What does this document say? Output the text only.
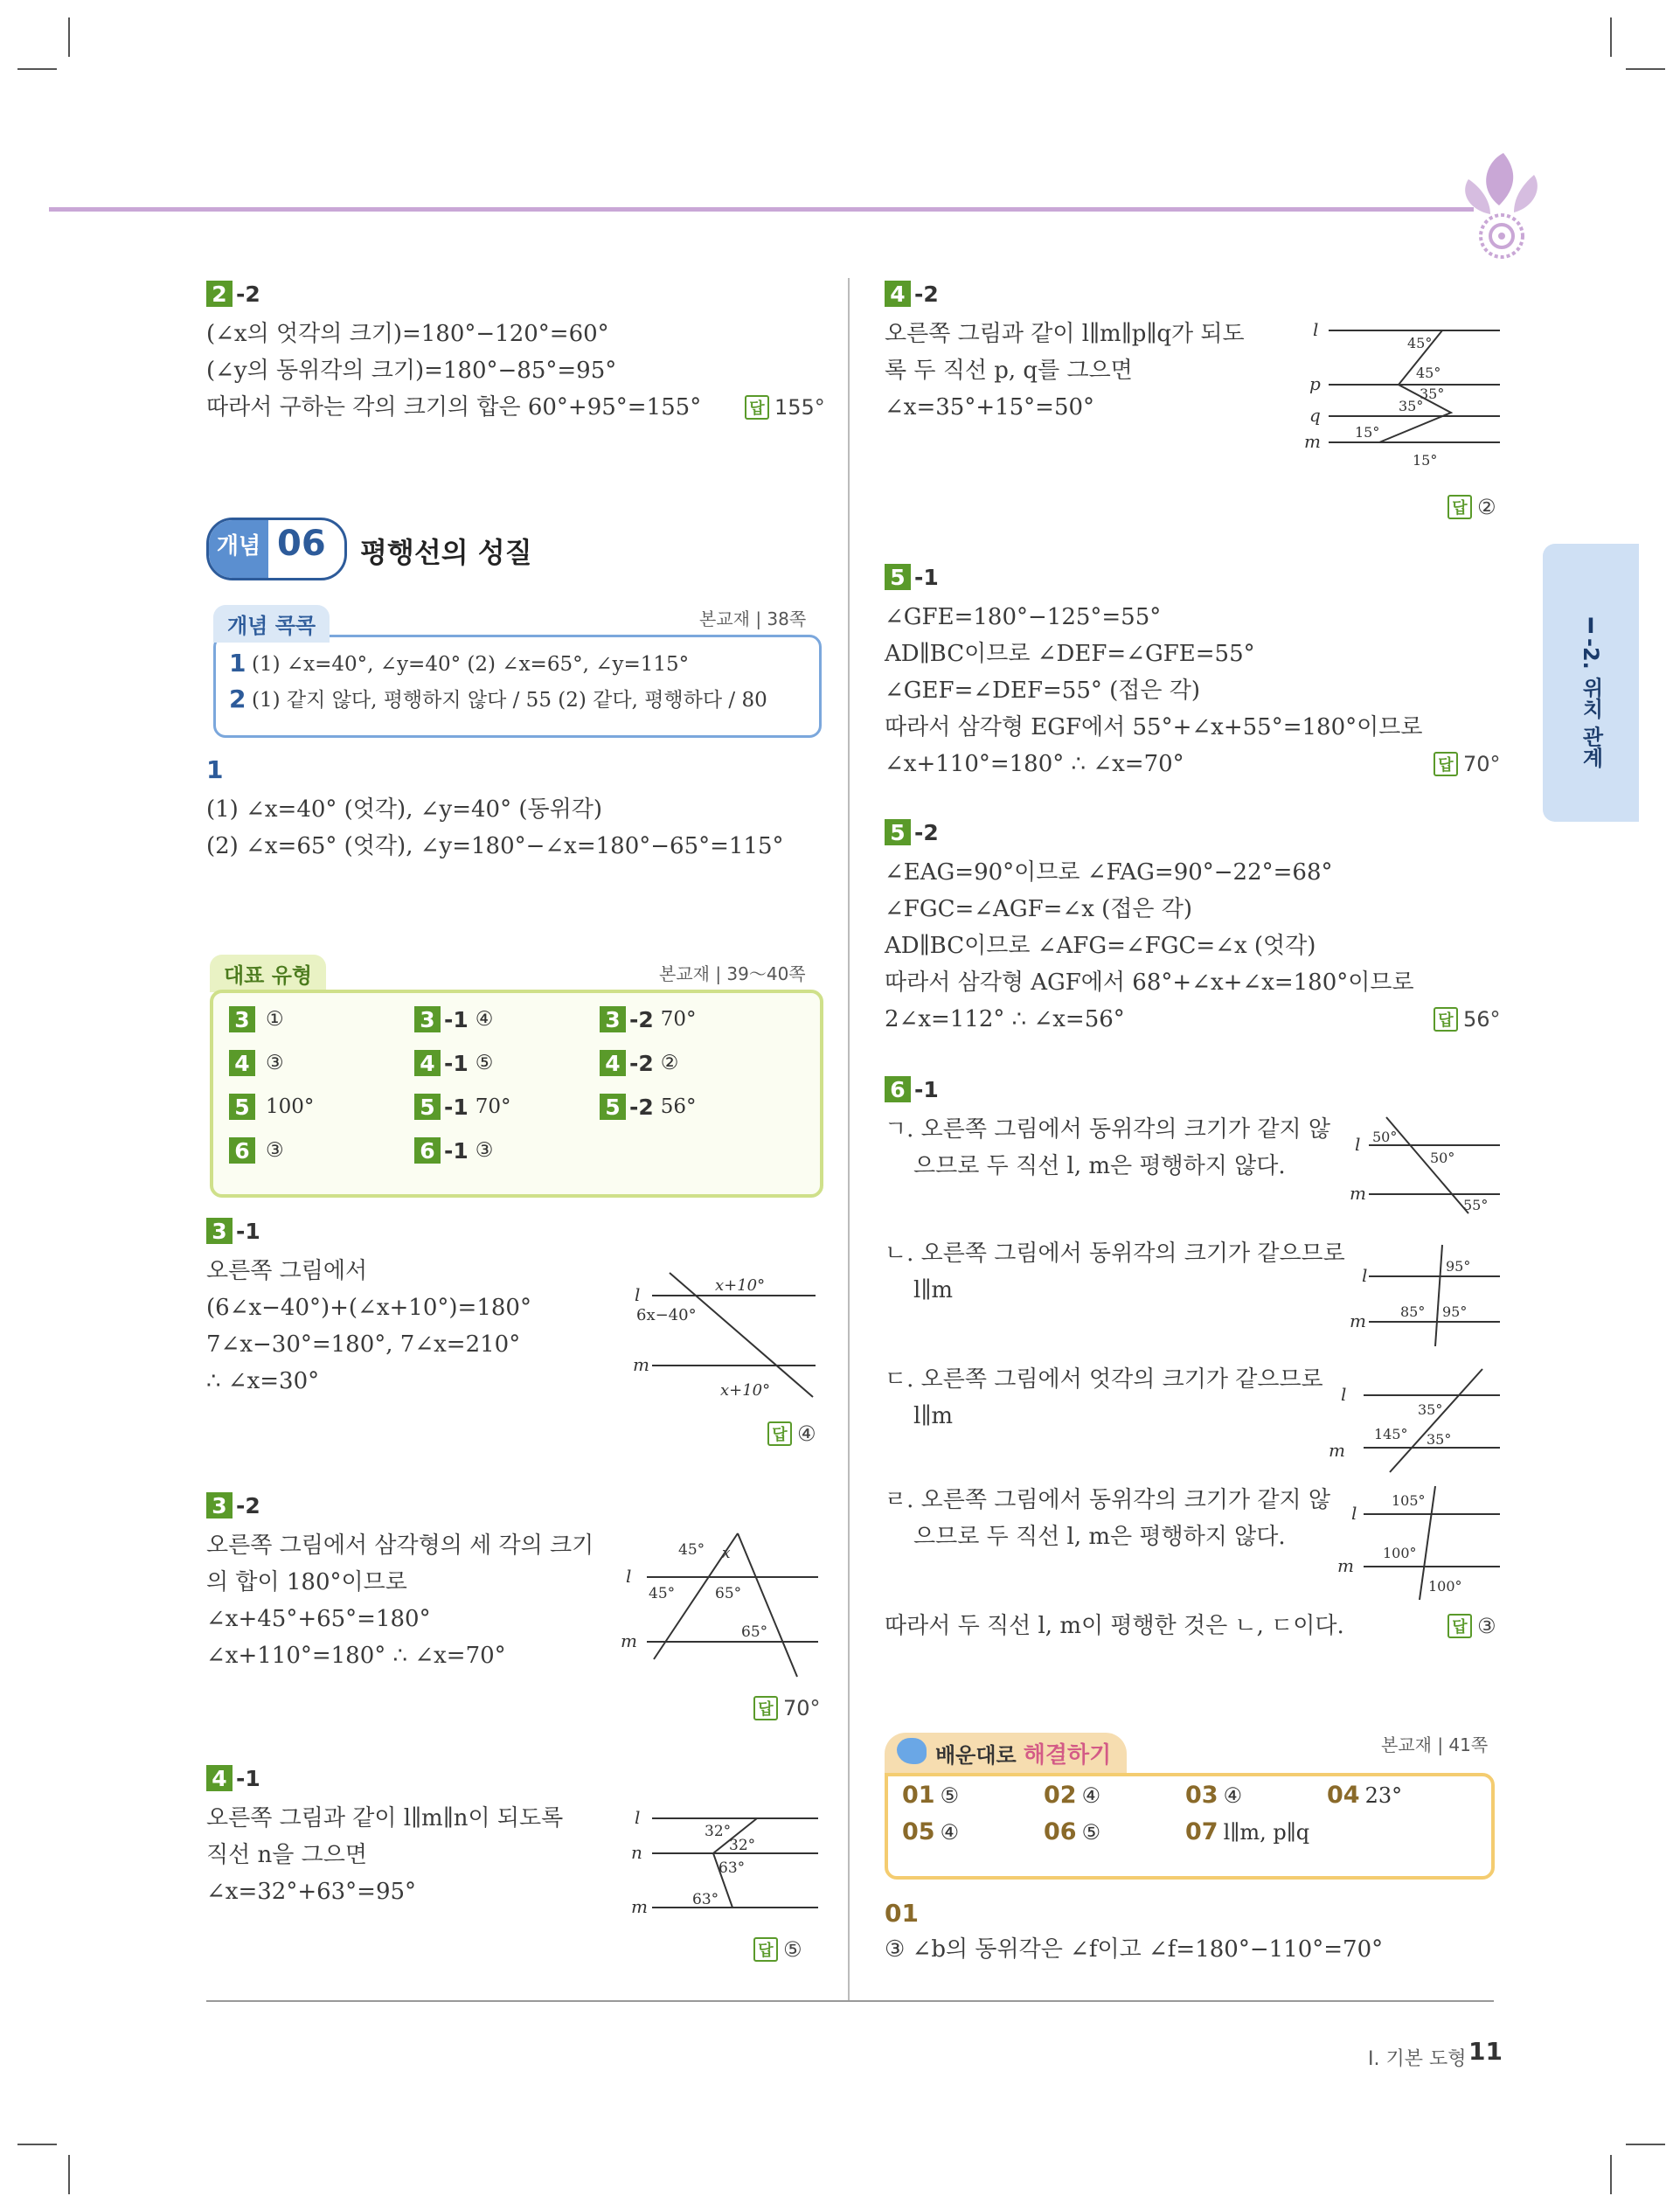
Ⅰ-2. 위치 관계
Ⅰ. 기본 도형 11
2 -2
(∠x의 엇각의 크기)=180°−120°=60°
(∠y의 동위각의 크기)=180°−85°=95°
따라서 구하는 각의 크기의 합은 60°+95°=155°	답 155°
개념 06 평행선의 성질
개념 콕콕	본교재 | 38쪽
1 (1) ∠x=40°, ∠y=40° (2) ∠x=65°, ∠y=115°
2 (1) 같지 않다, 평행하지 않다 / 55 (2) 같다, 평행하다 / 80
1
(1) ∠x=40° (엇각), ∠y=40° (동위각)
(2) ∠x=65° (엇각), ∠y=180°−∠x=180°−65°=115°
대표 유형	본교재 | 39～40쪽
3 ①	3 -1 ④	3 -2 70°
4 ③	4 -1 ⑤	4 -2 ②
5 100°	5 -1 70°	5 -2 56°
6 ③	6 -1 ③
3 -1
오른쪽 그림에서
(6∠x−40°)+(∠x+10°)=180°
7∠x−30°=180°, 7∠x=210°
∴ ∠x=30°
l
m
6x−40°
x+10°
x+10°
답 ④
3 -2
오른쪽 그림에서 삼각형의 세 각의 크기
의 합이 180°이므로
∠x+45°+65°=180°
∠x+110°=180° ∴ ∠x=70°
l
m
45° x
45°	65°
65°
답 70°
4 -1
오른쪽 그림과 같이 l∥m∥n이 되도록
직선 n을 그으면
∠x=32°+63°=95°
l
n
m
32°
32°
63°
63°
답 ⑤
4 -2
오른쪽 그림과 같이 l∥m∥p∥q가 되도
록 두 직선 p, q를 그으면
∠x=35°+15°=50°
l
p
q
m
45°
45°
35°
35°
15°
15°
답 ②
5 -1
∠GFE=180°−125°=55°
AD∥BC이므로 ∠DEF=∠GFE=55°
∠GEF=∠DEF=55° (접은 각)
따라서 삼각형 EGF에서 55°+∠x+55°=180°이므로
∠x+110°=180° ∴ ∠x=70°	답 70°
5 -2
∠EAG=90°이므로 ∠FAG=90°−22°=68°
∠FGC=∠AGF=∠x (접은 각)
AD∥BC이므로 ∠AFG=∠FGC=∠x (엇각)
따라서 삼각형 AGF에서 68°+∠x+∠x=180°이므로
2∠x=112° ∴ ∠x=56°	답 56°
6 -1
ㄱ. 오른쪽 그림에서 동위각의 크기가 같지 않
으므로 두 직선 l, m은 평행하지 않다.
l
m
50°
50°
55°
ㄴ. 오른쪽 그림에서 동위각의 크기가 같으므로
l∥m
l
m
95°
85° 95°
ㄷ. 오른쪽 그림에서 엇각의 크기가 같으므로
l∥m
l
m
35°
145° 35°
ㄹ. 오른쪽 그림에서 동위각의 크기가 같지 않
으므로 두 직선 l, m은 평행하지 않다.
l
m
105°
100°
100°
따라서 두 직선 l, m이 평행한 것은 ㄴ, ㄷ이다.	답 ③
배운대로 해결하기	본교재 | 41쪽
01 ⑤	02 ④	03 ④	04 23°
05 ④	06 ⑤	07 l∥m, p∥q
01
③ ∠b의 동위각은 ∠f이고 ∠f=180°−110°=70°
